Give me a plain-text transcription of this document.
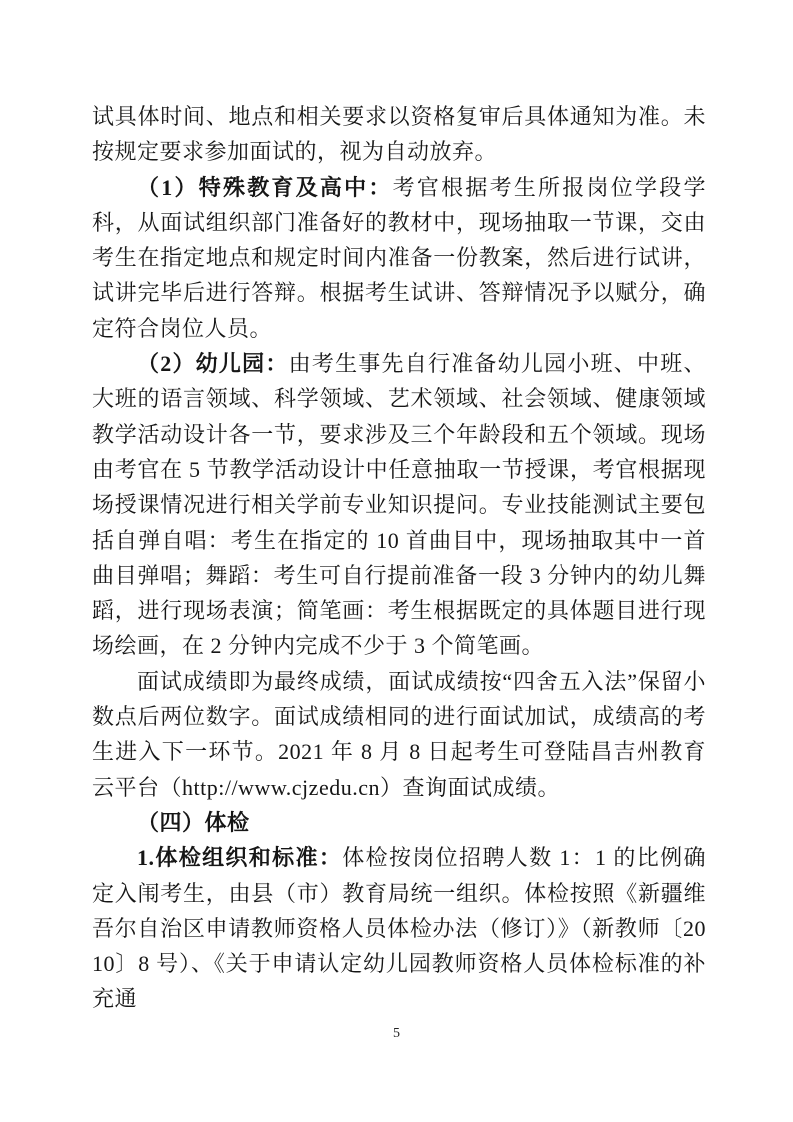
试具体时间、地点和相关要求以资格复审后具体通知为准。未按规定要求参加面试的，视为自动放弃。

（1）特殊教育及高中：考官根据考生所报岗位学段学科，从面试组织部门准备好的教材中，现场抽取一节课，交由考生在指定地点和规定时间内准备一份教案，然后进行试讲，试讲完毕后进行答辩。根据考生试讲、答辩情况予以赋分，确定符合岗位人员。

（2）幼儿园：由考生事先自行准备幼儿园小班、中班、大班的语言领域、科学领域、艺术领域、社会领域、健康领域教学活动设计各一节，要求涉及三个年龄段和五个领域。现场由考官在 5 节教学活动设计中任意抽取一节授课，考官根据现场授课情况进行相关学前专业知识提问。专业技能测试主要包括自弹自唱：考生在指定的 10 首曲目中，现场抽取其中一首曲目弹唱；舞蹈：考生可自行提前准备一段 3 分钟内的幼儿舞蹈，进行现场表演；简笔画：考生根据既定的具体题目进行现场绘画，在 2 分钟内完成不少于 3 个简笔画。

面试成绩即为最终成绩，面试成绩按“四舍五入法”保留小数点后两位数字。面试成绩相同的进行面试加试，成绩高的考生进入下一环节。2021 年 8 月 8 日起考生可登陆昌吉州教育云平台（http://www.cjzedu.cn）查询面试成绩。

（四）体检

1.体检组织和标准：体检按岗位招聘人数 1：1 的比例确定入闱考生，由县（市）教育局统一组织。体检按照《新疆维吾尔自治区申请教师资格人员体检办法（修订）》（新教师〔2010〕8 号）、《关于申请认定幼儿园教师资格人员体检标准的补充通

5
